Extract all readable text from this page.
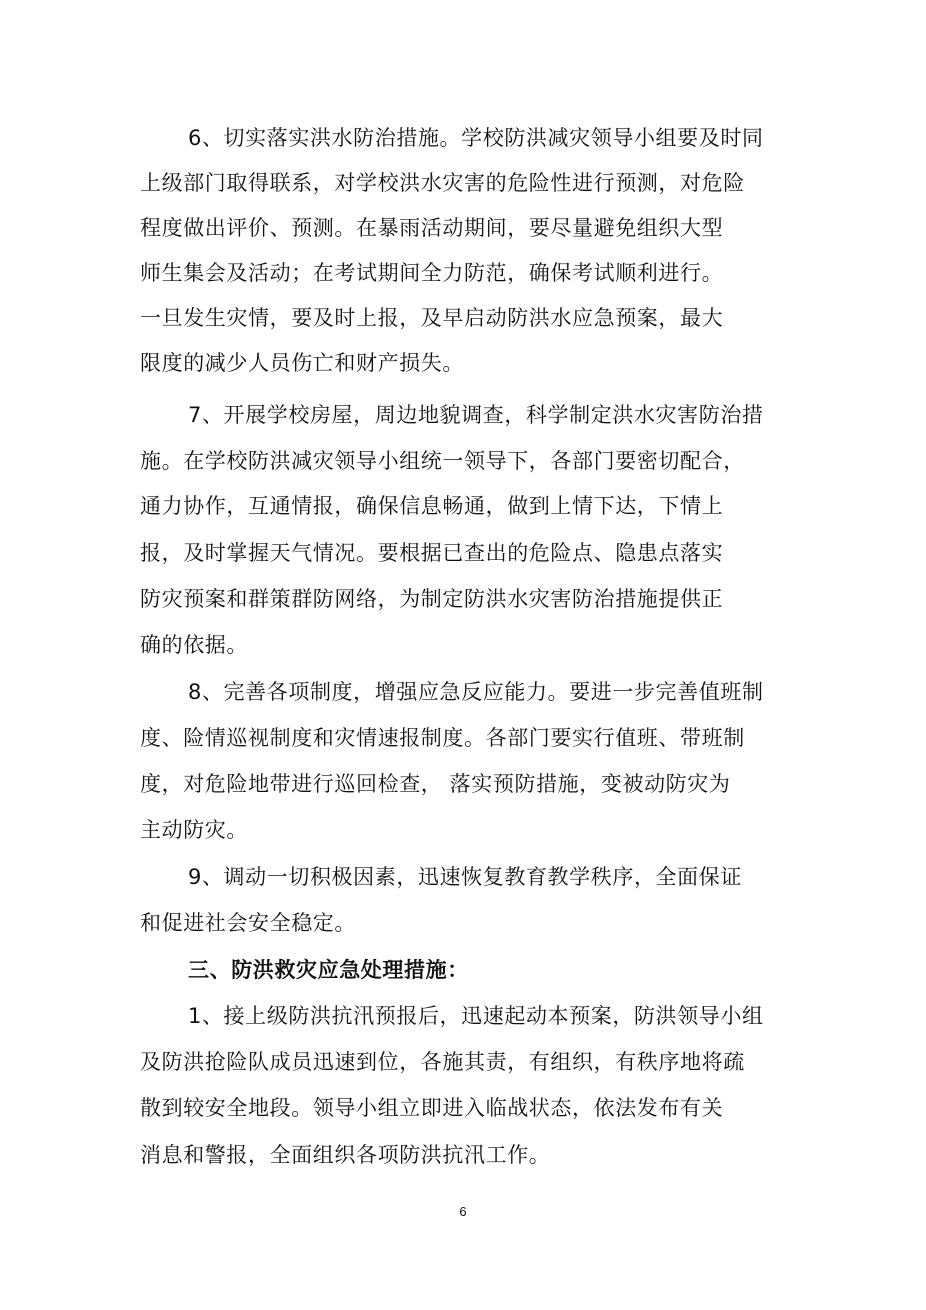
6、切实落实洪水防治措施。学校防洪减灾领导小组要及时同
上级部门取得联系，对学校洪水灾害的危险性进行预测，对危险
程度做出评价、预测。在暴雨活动期间，要尽量避免组织大型
师生集会及活动；在考试期间全力防范，确保考试顺利进行。
一旦发生灾情，要及时上报，及早启动防洪水应急预案，最大
限度的减少人员伤亡和财产损失。
7、开展学校房屋，周边地貌调查，科学制定洪水灾害防治措
施。在学校防洪减灾领导小组统一领导下，各部门要密切配合，
通力协作，互通情报，确保信息畅通，做到上情下达，下情上
报，及时掌握天气情况。要根据已查出的危险点、隐患点落实
防灾预案和群策群防网络，为制定防洪水灾害防治措施提供正
确的依据。
8、完善各项制度，增强应急反应能力。要进一步完善值班制
度、险情巡视制度和灾情速报制度。各部门要实行值班、带班制
度，对危险地带进行巡回检查， 落实预防措施，变被动防灾为
主动防灾。
9、调动一切积极因素，迅速恢复教育教学秩序，全面保证
和促进社会安全稳定。
三、防洪救灾应急处理措施：
1、接上级防洪抗汛预报后，迅速起动本预案，防洪领导小组
及防洪抢险队成员迅速到位，各施其责，有组织，有秩序地将疏
散到较安全地段。领导小组立即进入临战状态，依法发布有关
消息和警报，全面组织各项防洪抗汛工作。
6
